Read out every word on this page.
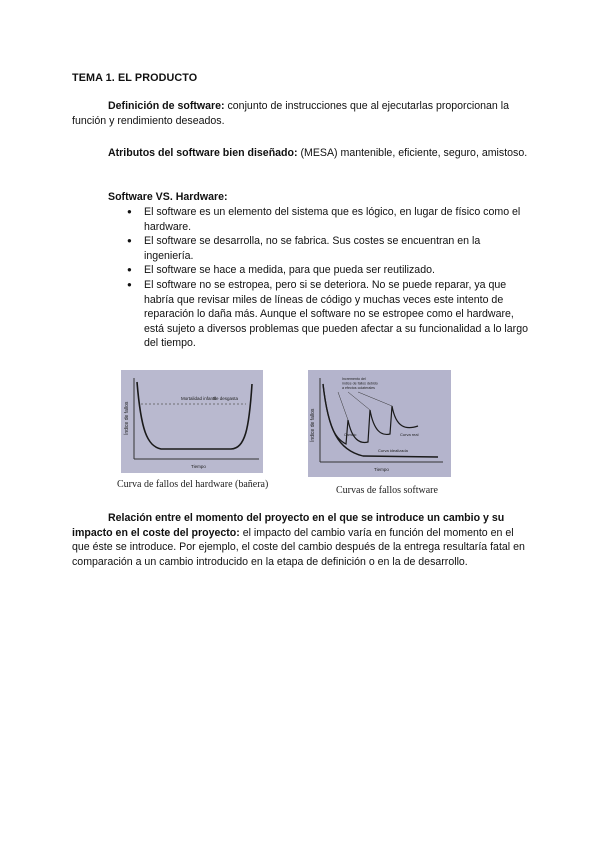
TEMA 1. EL PRODUCTO
Definición de software: conjunto de instrucciones que al ejecutarlas proporcionan la función y rendimiento deseados.
Atributos del software bien diseñado: (MESA) mantenible, eficiente, seguro, amistoso.
Software VS. Hardware:
● El software es un elemento del sistema que es lógico, en lugar de físico como el hardware.
● El software se desarrolla, no se fabrica. Sus costes se encuentran en la ingeniería.
● El software se hace a medida, para que pueda ser reutilizado.
● El software no se estropea, pero si se deteriora. No se puede reparar, ya que habría que revisar miles de líneas de código y muchas veces este intento de reparación lo daña más. Aunque el software no se estropee como el hardware, está sujeto a diversos problemas que pueden afectar a su funcionalidad a lo largo del tiempo.
Mortalidad infantil
Se desgasta
Índice de fallos
Tiempo
Curva de fallos del hardware (bañera)
Incremento del índice de fallos debido a efectos colaterales
Curva real
Curva idealizada
Cambio
Índice de fallos
Tiempo
Curvas de fallos software
Relación entre el momento del proyecto en el que se introduce un cambio y su impacto en el coste del proyecto: el impacto del cambio varía en función del momento en el que éste se introduce. Por ejemplo, el coste del cambio después de la entrega resultaría fatal en comparación a un cambio introducido en la etapa de definición o en la de desarrollo.
